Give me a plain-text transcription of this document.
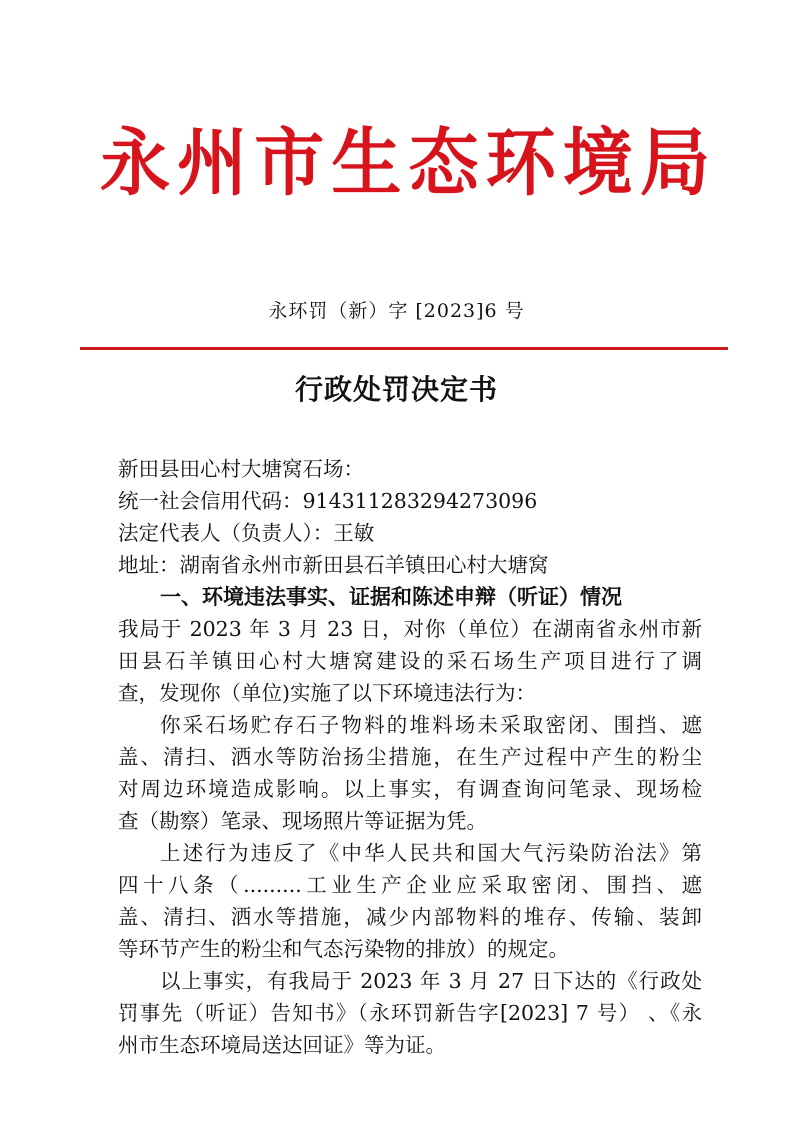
永州市生态环境局
永环罚（新）字 [2023]6 号
行政处罚决定书
新田县田心村大塘窝石场：
统一社会信用代码：914311283294273096
法定代表人（负责人）：王敏
地址：湖南省永州市新田县石羊镇田心村大塘窝
一、环境违法事实、证据和陈述申辩（听证）情况
我局于 2023 年 3 月 23 日，对你（单位）在湖南省永州市新
田县石羊镇田心村大塘窝建设的采石场生产项目进行了调
查，发现你（单位)实施了以下环境违法行为：
你采石场贮存石子物料的堆料场未采取密闭、围挡、遮
盖、清扫、洒水等防治扬尘措施，在生产过程中产生的粉尘
对周边环境造成影响。以上事实，有调查询问笔录、现场检
查（勘察）笔录、现场照片等证据为凭。
上述行为违反了《中华人民共和国大气污染防治法》第
四十八条（.........工业生产企业应采取密闭、围挡、遮
盖、清扫、洒水等措施，减少内部物料的堆存、传输、装卸
等环节产生的粉尘和气态污染物的排放）的规定。
以上事实，有我局于 2023 年 3 月 27 日下达的《行政处
罚事先（听证）告知书》（永环罚新告字[2023] 7 号） 、《永
州市生态环境局送达回证》等为证。
